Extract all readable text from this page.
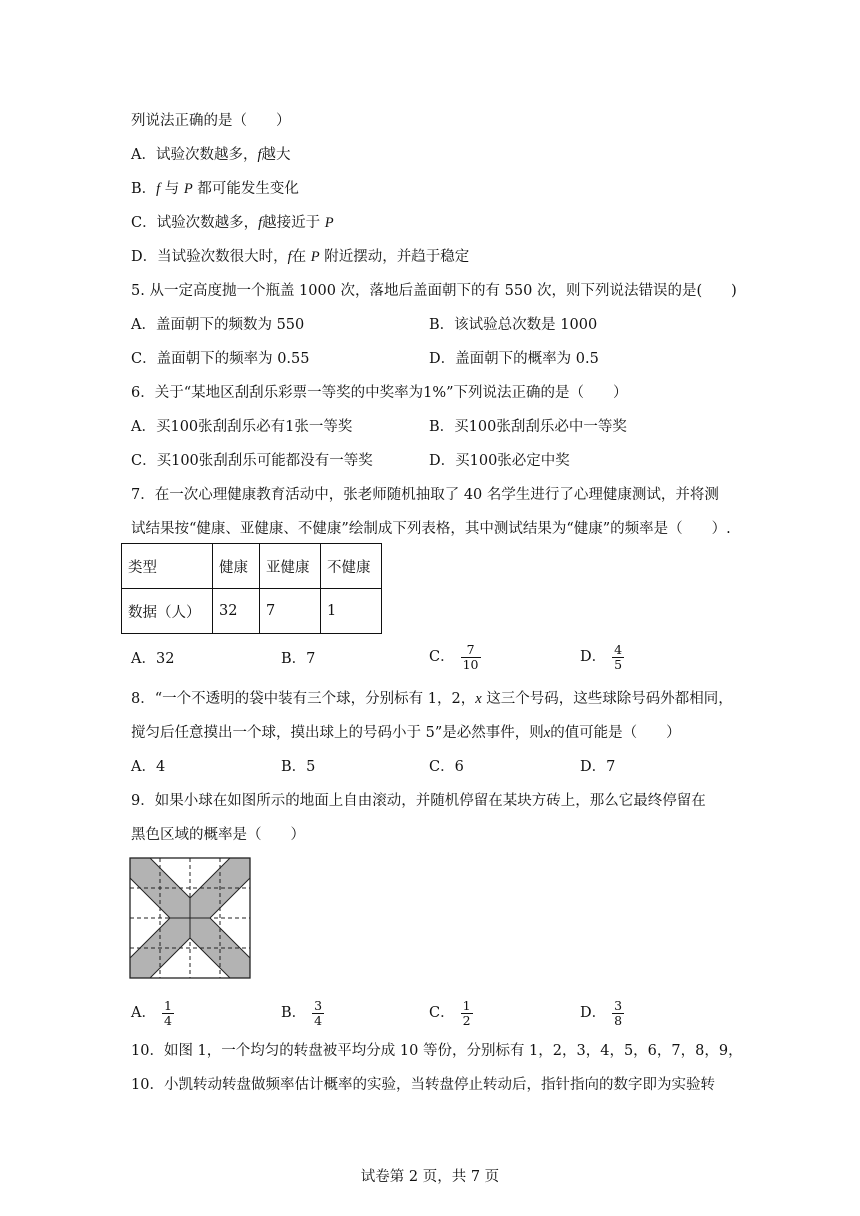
列说法正确的是（　　）
A．试验次数越多，f越大
B．f 与 P 都可能发生变化
C．试验次数越多，f越接近于 P
D．当试验次数很大时，f在 P 附近摆动，并趋于稳定
5. 从一定高度抛一个瓶盖 1000 次，落地后盖面朝下的有 550 次，则下列说法错误的是(　　)
A．盖面朝下的频数为 550	B．该试验总次数是 1000
C．盖面朝下的频率为 0.55	D．盖面朝下的概率为 0.5
6．关于“某地区刮刮乐彩票一等奖的中奖率为1%”下列说法正确的是（　　）
A．买100张刮刮乐必有1张一等奖	B．买100张刮刮乐必中一等奖
C．买100张刮刮乐可能都没有一等奖	D．买100张必定中奖
7．在一次心理健康教育活动中，张老师随机抽取了 40 名学生进行了心理健康测试，并将测
试结果按“健康、亚健康、不健康”绘制成下列表格，其中测试结果为“健康”的频率是（　　）.
类型	健康	亚健康	不健康
数据（人）	32	7	1
A．32	B．7	C． $\frac{7}{10}$	D． $\frac{4}{5}$
8．“一个不透明的袋中装有三个球，分别标有 1，2，x 这三个号码，这些球除号码外都相同，
搅匀后任意摸出一个球，摸出球上的号码小于 5”是必然事件，则x的值可能是（　　）
A．4	B．5	C．6	D．7
9．如果小球在如图所示的地面上自由滚动，并随机停留在某块方砖上，那么它最终停留在
黑色区域的概率是（　　）
A． $\frac{1}{4}$	B． $\frac{3}{4}$	C． $\frac{1}{2}$	D． $\frac{3}{8}$
10．如图 1，一个均匀的转盘被平均分成 10 等份，分别标有 1，2，3，4，5，6，7，8，9，
10．小凯转动转盘做频率估计概率的实验，当转盘停止转动后，指针指向的数字即为实验转
试卷第 2 页，共 7 页
